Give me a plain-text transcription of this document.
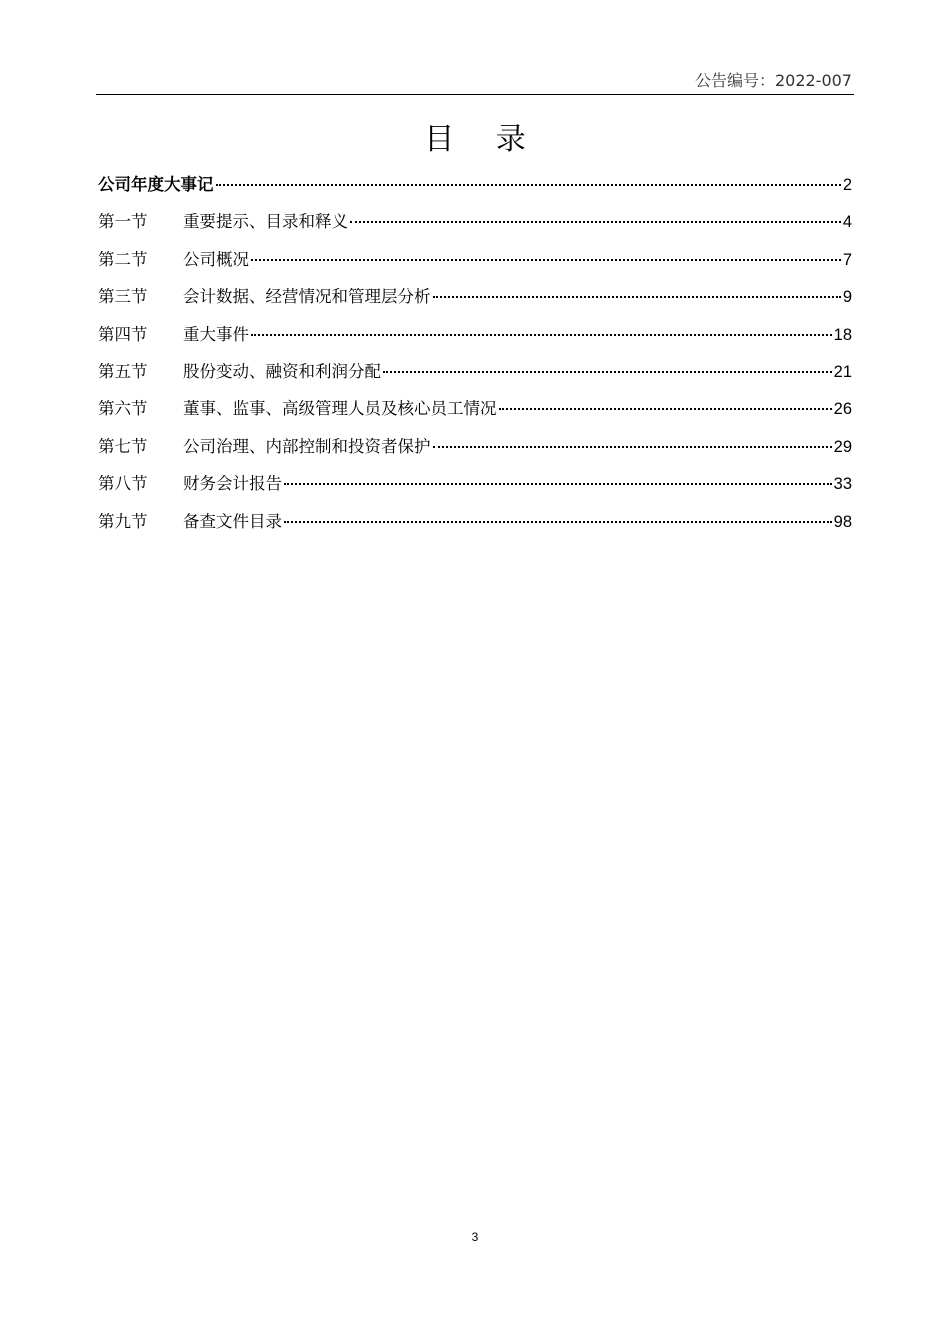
公告编号：2022-007
目 录
公司年度大事记	2
第一节	重要提示、目录和释义	4
第二节	公司概况	7
第三节	会计数据、经营情况和管理层分析	9
第四节	重大事件	18
第五节	股份变动、融资和利润分配	21
第六节	董事、监事、高级管理人员及核心员工情况	26
第七节	公司治理、内部控制和投资者保护	29
第八节	财务会计报告	33
第九节	备查文件目录	98
3
